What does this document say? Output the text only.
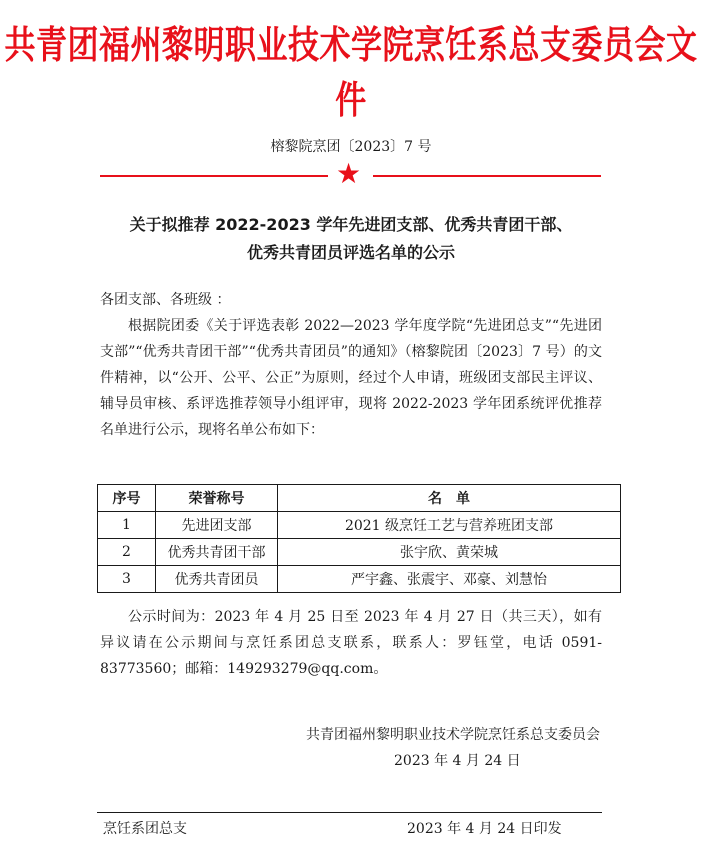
共青团福州黎明职业技术学院烹饪系总支委员会文件
榕黎院烹团〔2023〕7 号
★
关于拟推荐 2022-2023 学年先进团支部、优秀共青团干部、
优秀共青团员评选名单的公示
各团支部、各班级 ：
根据院团委《关于评选表彰 2022—2023 学年度学院“先进团总支”“先进团支部”“优秀共青团干部”“优秀共青团员”的通知》（榕黎院团〔2023〕7 号）的文件精神，以“公开、公平、公正”为原则，经过个人申请，班级团支部民主评议、辅导员审核、系评选推荐领导小组评审，现将 2022-2023 学年团系统评优推荐名单进行公示，现将名单公布如下：
序号	荣誉称号	名　单
1	先进团支部	2021 级烹饪工艺与营养班团支部
2	优秀共青团干部	张宇欣、黄荣城
3	优秀共青团员	严宇鑫、张震宇、邓豪、刘慧怡
公示时间为：2023 年 4 月 25 日至 2023 年 4 月 27 日（共三天），如有异议请在公示期间与烹饪系团总支联系，联系人：罗钰堂，电话 0591- 83773560；邮箱：149293279@qq.com。
共青团福州黎明职业技术学院烹饪系总支委员会
2023 年 4 月 24 日
烹饪系团总支	2023 年 4 月 24 日印发
